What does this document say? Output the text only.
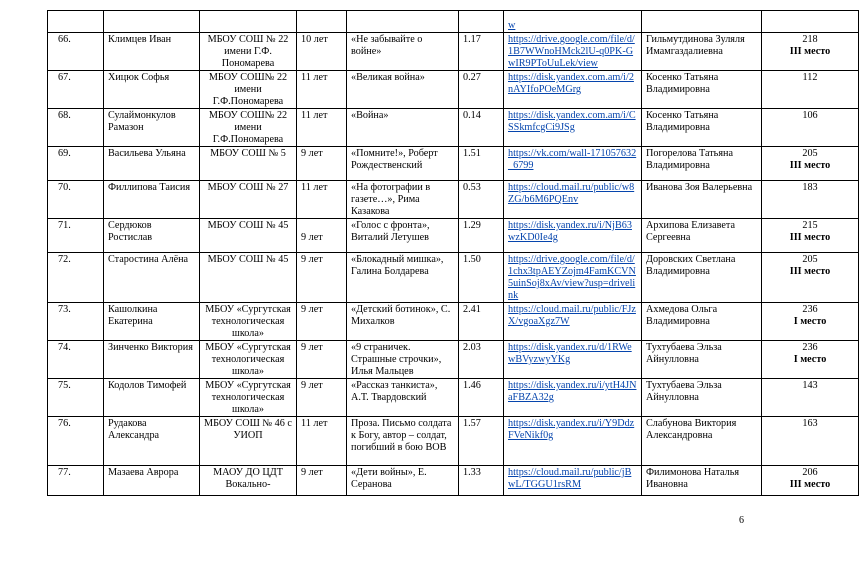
						w		
66.	Климцев Иван	МБОУ СОШ № 22 имени Г.Ф. Пономарева	10 лет	«Не забывайте о войне»	1.17	https://drive.google.com/file/d/1B7WWnoHMck2lU-q0PK-GwIR9PToUuLek/view	Гильмутдинова Зуляля Имамгаздалиевна	218
III место

67.	Хицюк Софья	МБОУ СОШ№ 22 имени Г.Ф.Пономарева	11 лет	«Великая война»	0.27	https://disk.yandex.com.am/i/2nAYIfoPOeMGrg	Косенко Татьяна Владимировна	112

68.	Сулаймонкулов Рамазон	МБОУ СОШ№ 22 имени Г.Ф.Пономарева	11 лет	«Война»	0.14	https://disk.yandex.com.am/i/CSSkmfcgCi9JSg	Косенко Татьяна Владимировна	106

69.	Васильева Ульяна	МБОУ СОШ № 5	9 лет	«Помните!», Роберт Рождественский	1.51	https://vk.com/wall-171057632_6799	Погорелова Татьяна Владимировна	205
III место

70.	Филлипова Таисия	МБОУ СОШ № 27	11 лет	«На фотографии в газете…», Рима Казакова	0.53	https://cloud.mail.ru/public/w8ZG/b6M6PQEnv	Иванова Зоя Валерьевна	183

71.	Сердюков Ростислав	МБОУ СОШ № 45	9 лет	«Голос с фронта», Виталий Летушев	1.29	https://disk.yandex.ru/i/NjB63wzKD0Ie4g	Архипова Елизавета Сергеевна	215
III место

72.	Старостина Алёна	МБОУ СОШ № 45	9 лет	«Блокадный мишка», Галина Болдарева	1.50	https://drive.google.com/file/d/1chx3tpAEYZojm4FamKCVN5uinSoj8xAv/view?usp=drivelink	Доровских Светлана Владимировна	205
III место

73.	Кашолкина Екатерина	МБОУ «Сургутская технологическая школа»	9 лет	«Детский ботинок», С. Михалков	2.41	https://cloud.mail.ru/public/FJzX/vgoaXgz7W	Ахмедова Ольга Владимировна	236
I место

74.	Зинченко Виктория	МБОУ «Сургутская технологическая школа»	9 лет	«9 страничек. Страшные строчки», Илья Мальцев	2.03	https://disk.yandex.ru/d/1RWewBVyzwyYKg	Тухтубаева Эльза Айнулловна	236
I место

75.	Кодолов Тимофей	МБОУ «Сургутская технологическая школа»	9 лет	«Рассказ танкиста», А.Т. Твардовский	1.46	https://disk.yandex.ru/i/ytH4JNaFBZA32g	Тухтубаева Эльза Айнулловна	143

76.	Рудакова Александра	МБОУ СОШ № 46 с УИОП	11 лет	Проза. Письмо солдата к Богу, автор – солдат, погибший в бою ВОВ	1.57	https://disk.yandex.ru/i/Y9DdzFVeNikf0g	Слабунова Виктория Александровна	163

77.	Мазаева Аврора	МАОУ ДО ЦДТ Вокально-	9 лет	«Дети войны», Е. Серанова	1.33	https://cloud.mail.ru/public/jBwL/TGGU1rsRM	Филимонова Наталья Ивановна	206
III место
6
